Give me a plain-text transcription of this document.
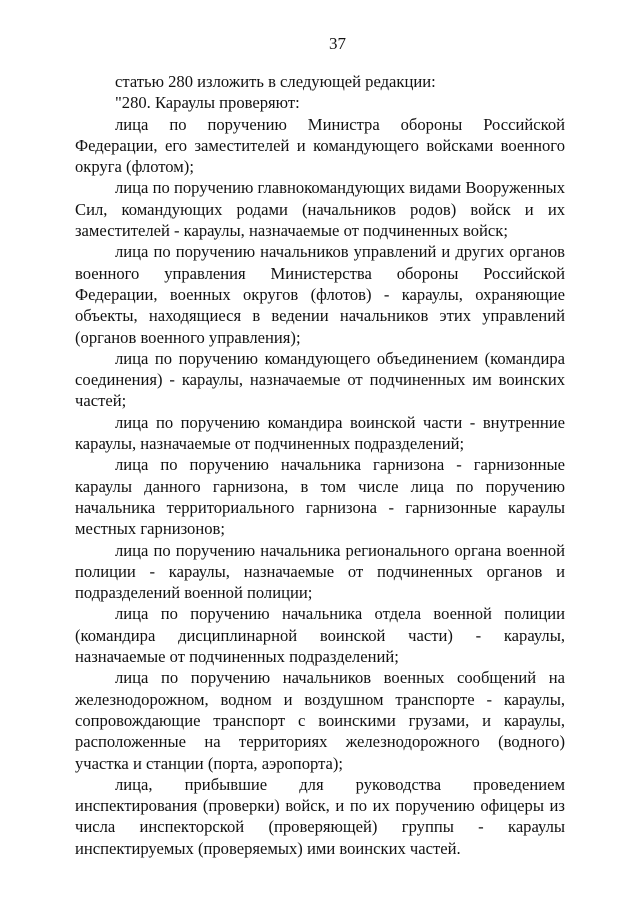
37

статью 280 изложить в следующей редакции:

"280. Караулы проверяют:

лица по поручению Министра обороны Российской Федерации, его заместителей и командующего войсками военного округа (флотом);

лица по поручению главнокомандующих видами Вооруженных Сил, командующих родами (начальников родов) войск и их заместителей - караулы, назначаемые от подчиненных войск;

лица по поручению начальников управлений и других органов военного управления Министерства обороны Российской Федерации, военных округов (флотов) - караулы, охраняющие объекты, находящиеся в ведении начальников этих управлений (органов военного управления);

лица по поручению командующего объединением (командира соединения) - караулы, назначаемые от подчиненных им воинских частей;

лица по поручению командира воинской части - внутренние караулы, назначаемые от подчиненных подразделений;

лица по поручению начальника гарнизона - гарнизонные караулы данного гарнизона, в том числе лица по поручению начальника территориального гарнизона - гарнизонные караулы местных гарнизонов;

лица по поручению начальника регионального органа военной полиции - караулы, назначаемые от подчиненных органов и подразделений военной полиции;

лица по поручению начальника отдела военной полиции (командира дисциплинарной воинской части) - караулы, назначаемые от подчиненных подразделений;

лица по поручению начальников военных сообщений на железнодорожном, водном и воздушном транспорте - караулы, сопровождающие транспорт с воинскими грузами, и караулы, расположенные на территориях железнодорожного (водного) участка и станции (порта, аэропорта);

лица, прибывшие для руководства проведением инспектирования (проверки) войск, и по их поручению офицеры из числа инспекторской (проверяющей) группы - караулы инспектируемых (проверяемых) ими воинских частей.
